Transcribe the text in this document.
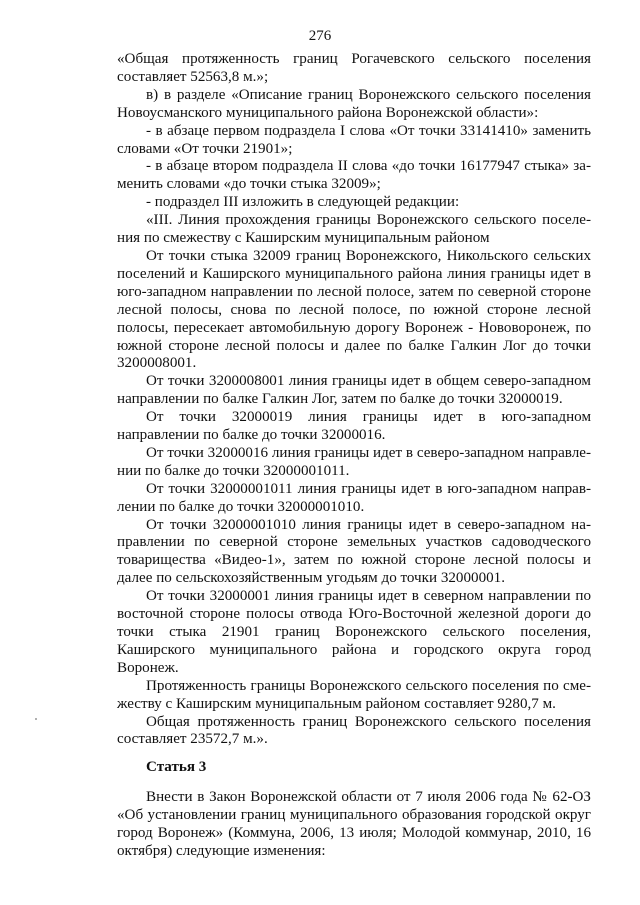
276

«Общая протяженность границ Рогачевского сельского поселения составляет 52563,8 м.»;

в) в разделе «Описание границ Воронежского сельского поселения Новоусманского муниципального района Воронежской области»:

- в абзаце первом подраздела I слова «От точки 33141410» заменить словами «От точки 21901»;

- в абзаце втором подраздела II слова «до точки 16177947 стыка» заменить словами «до точки стыка 32009»;

- подраздел III изложить в следующей редакции:

«III. Линия прохождения границы Воронежского сельского поселения по смежеству с Каширским муниципальным районом

От точки стыка 32009 границ Воронежского, Никольского сельских поселений и Каширского муниципального района линия границы идет в юго-западном направлении по лесной полосе, затем по северной стороне лесной полосы, снова по лесной полосе, по южной стороне лесной полосы, пересекает автомобильную дорогу Воронеж - Нововоронеж, по южной стороне лесной полосы и далее по балке Галкин Лог до точки 3200008001.

От точки 3200008001 линия границы идет в общем северо-западном направлении по балке Галкин Лог, затем по балке до точки 32000019.

От точки 32000019 линия границы идет в юго-западном направлении по балке до точки 32000016.

От точки 32000016 линия границы идет в северо-западном направлении по балке до точки 32000001011.

От точки 32000001011 линия границы идет в юго-западном направлении по балке до точки 32000001010.

От точки 32000001010 линия границы идет в северо-западном направлении по северной стороне земельных участков садоводческого товарищества «Видео-1», затем по южной стороне лесной полосы и далее по сельскохозяйственным угодьям до точки 32000001.

От точки 32000001 линия границы идет в северном направлении по восточной стороне полосы отвода Юго-Восточной железной дороги до точки стыка 21901 границ Воронежского сельского поселения, Каширского муниципального района и городского округа город Воронеж.

Протяженность границы Воронежского сельского поселения по смежеству с Каширским муниципальным районом составляет 9280,7 м.

Общая протяженность границ Воронежского сельского поселения составляет 23572,7 м.».

Статья 3

Внести в Закон Воронежской области от 7 июля 2006 года № 62-ОЗ «Об установлении границ муниципального образования городской округ город Воронеж» (Коммуна, 2006, 13 июля; Молодой коммунар, 2010, 16 октября) следующие изменения:
